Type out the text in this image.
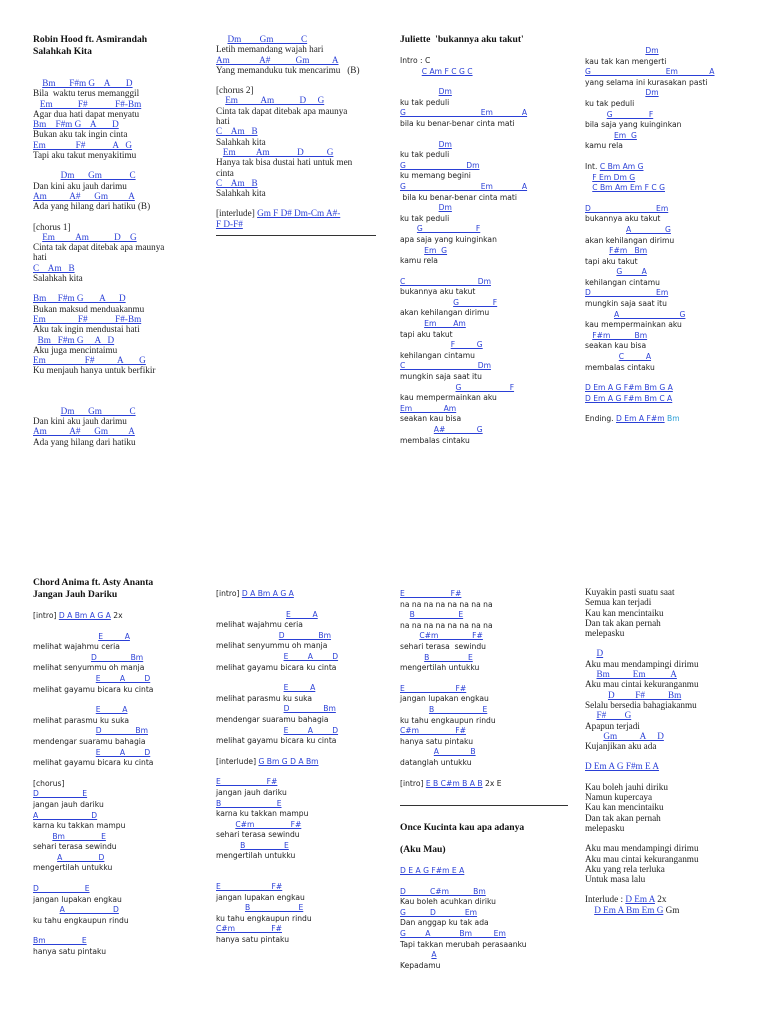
Robin Hood ft. Asmirandah
Salahkah Kita
Bm      F#m G    A       D
Bila  waktu terus memanggil
Em           F#            F#-Bm
Agar dua hati dapat menyatu
Bm    F#m G    A       D
Bukan aku tak ingin cinta
Em             F#            A   G
Tapi aku takut menyakitimu
Dm      Gm            C
Dan kini aku jauh darimu
Am          A#      Gm         A
Ada yang hilang dari hatiku (B)
[chorus 1]
Em         Am           D    G
Cinta tak dapat ditebak apa maunya
hati
C    Am   B
Salahkah kita
Bm     F#m G       A      D
Bukan maksud menduakanmu
Em              F#            F#-Bm
Aku tak ingin mendustai hati
Bm   F#m G     A   D
Aku juga mencintaimu
Em                 F#          A       G
Ku menjauh hanya untuk berfikir
Dm      Gm            C
Dan kini aku jauh darimu
Am          A#      Gm         A
Ada yang hilang dari hatiku
Dm        Gm            C
Letih memandang wajah hari
Am             A#           Gm          A
Yang memanduku tuk mencarimu   (B)
[chorus 2]
Em          Am           D     G
Cinta tak dapat ditebak apa maunya
hati
C    Am   B
Salahkah kita
Em         Am            D          G
Hanya tak bisa dustai hati untuk men
cinta
C    Am   B
Salahkah kita
[interlude] Gm F D# Dm-Cm A#-
F D-F#
Juliette  'bukannya aku takut'
Intro : C
C Am F C G C
Dm
ku tak peduli
G                               Em            A
bila ku benar-benar cinta mati
Dm
ku tak peduli
G                         Dm
ku memang begini
G                               Em            A
bila ku benar-benar cinta mati
Dm
ku tak peduli
G                      F
apa saja yang kuinginkan
Em  G
kamu rela
C                              Dm
bukannya aku takut
G              F
akan kehilangan dirimu
Em       Am
tapi aku takut
F         G
kehilangan cintamu
C                              Dm
mungkin saja saat itu
G                    F
kau mempermainkan aku
Em             Am
seakan kau bisa
A#             G
membalas cintaku
Dm
kau tak kan mengerti
G                               Em             A
yang selama ini kurasakan pasti
Dm
ku tak peduli
G               F
bila saja yang kuinginkan
Em  G
kamu rela
Int. C Bm Am G
F Em Dm G
C Bm Am Em F C G
D                           Em
bukannya aku takut
A              G
akan kehilangan dirimu
F#m   Bm
tapi aku takut
G        A
kehilangan cintamu
D                           Em
mungkin saja saat itu
A                         G
kau mempermainkan aku
F#m          Bm
seakan kau bisa
C         A
membalas cintaku
D Em A G F#m Bm G A
D Em A G F#m Bm C A
Ending. D Em A F#m Bm
Chord Anima ft. Asty Ananta
Jangan Jauh Dariku
[intro] D A Bm A G A 2x
E         A
melihat wajahmu ceria
D              Bm
melihat senyummu oh manja
E        A        D
melihat gayamu bicara ku cinta
E         A
melihat parasmu ku suka
D              Bm
mendengar suaramu bahagia
E        A        D
melihat gayamu bicara ku cinta
[chorus]
D                  E
jangan jauh dariku
A                      D
karna ku takkan mampu
Bm               E
sehari terasa sewindu
A               D
mengertilah untukku
D                   E
jangan lupakan engkau
A                    D
ku tahu engkaupun rindu
Bm               E
hanya satu pintaku
[intro] D A Bm A G A
E         A
melihat wajahmu ceria
D              Bm
melihat senyummu oh manja
E        A        D
melihat gayamu bicara ku cinta
E         A
melihat parasmu ku suka
D              Bm
mendengar suaramu bahagia
E        A        D
melihat gayamu bicara ku cinta
[interlude] G Bm G D A Bm
E                   F#
jangan jauh dariku
B                       E
karna ku takkan mampu
C#m               F#
sehari terasa sewindu
B                E
mengertilah untukku
E                     F#
jangan lupakan engkau
B                    E
ku tahu engkaupun rindu
C#m               F#
hanya satu pintaku
E                   F#
na na na na na na na na
B                  E
na na na na na na na na
C#m              F#
sehari terasa  sewindu
B                E
mengertilah untukku
E                     F#
jangan lupakan engkau
B                    E
ku tahu engkaupun rindu
C#m               F#
hanya satu pintaku
A             B
datanglah untukku
[intro] E B C#m B A B 2x E
Once Kucinta kau apa adanya
(Aku Mau)
D E A G F#m E A
D          C#m          Bm
Kau boleh acuhkan diriku
G          D            Em
Dan anggap ku tak ada
G        A            Bm         Em
Tapi takkan merubah perasaanku
A
Kepadamu
Kuyakin pasti suatu saat
Semua kan terjadi
Kau kan mencintaiku
Dan tak akan pernah
melepasku
D
Aku mau mendampingi dirimu
Bm          Em           A
Aku mau cintai kekuranganmu
D         F#          Bm
Selalu bersedia bahagiakanmu
F#        G
Apapun terjadi
Gm          A     D
Kujanjikan aku ada
D Em A G F#m E A
Kau boleh jauhi diriku
Namun kupercaya
Kau kan mencintaiku
Dan tak akan pernah
melepasku
Aku mau mendampingi dirimu
Aku mau cintai kekuranganmu
Aku yang rela terluka
Untuk masa lalu
Interlude : D Em A 2x
D Em A Bm Em G Gm
